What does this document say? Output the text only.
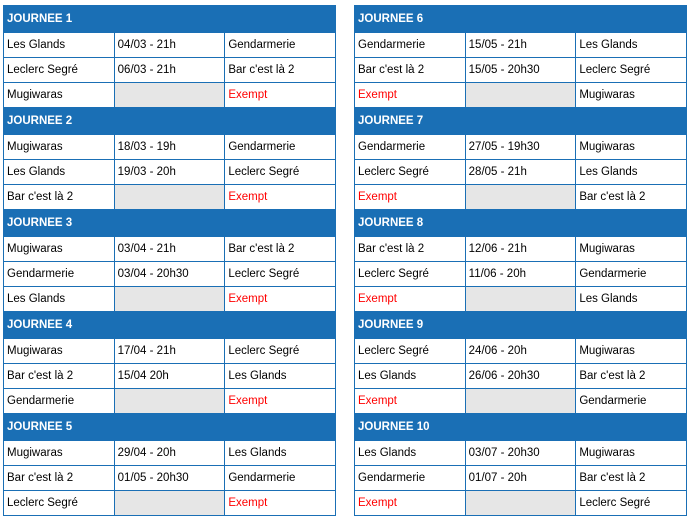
JOURNEE 1		
Les Glands	04/03 - 21h	Gendarmerie
Leclerc Segré	06/03 - 21h	Bar c'est là 2
Mugiwaras		Exempt
JOURNEE 2		
Mugiwaras	18/03 - 19h	Gendarmerie
Les Glands	19/03 - 20h	Leclerc Segré
Bar c'est là 2		Exempt
JOURNEE 3		
Mugiwaras	03/04 - 21h	Bar c'est là 2
Gendarmerie	03/04 - 20h30	Leclerc Segré
Les Glands		Exempt
JOURNEE 4		
Mugiwaras	17/04 - 21h	Leclerc Segré
Bar c'est là 2	15/04 20h	Les Glands
Gendarmerie		Exempt
JOURNEE 5		
Mugiwaras	29/04 - 20h	Les Glands
Bar c'est là 2	01/05 - 20h30	Gendarmerie
Leclerc Segré		Exempt
JOURNEE 6		
Gendarmerie	15/05 - 21h	Les Glands
Bar c'est là 2	15/05 - 20h30	Leclerc Segré
Exempt		Mugiwaras
JOURNEE 7		
Gendarmerie	27/05 - 19h30	Mugiwaras
Leclerc Segré	28/05 - 21h	Les Glands
Exempt		Bar c'est là 2
JOURNEE 8		
Bar c'est là 2	12/06 - 21h	Mugiwaras
Leclerc Segré	11/06 - 20h	Gendarmerie
Exempt		Les Glands
JOURNEE 9		
Leclerc Segré	24/06 - 20h	Mugiwaras
Les Glands	26/06 - 20h30	Bar c'est là 2
Exempt		Gendarmerie
JOURNEE 10		
Les Glands	03/07 - 20h30	Mugiwaras
Gendarmerie	01/07 - 20h	Bar c'est là 2
Exempt		Leclerc Segré
